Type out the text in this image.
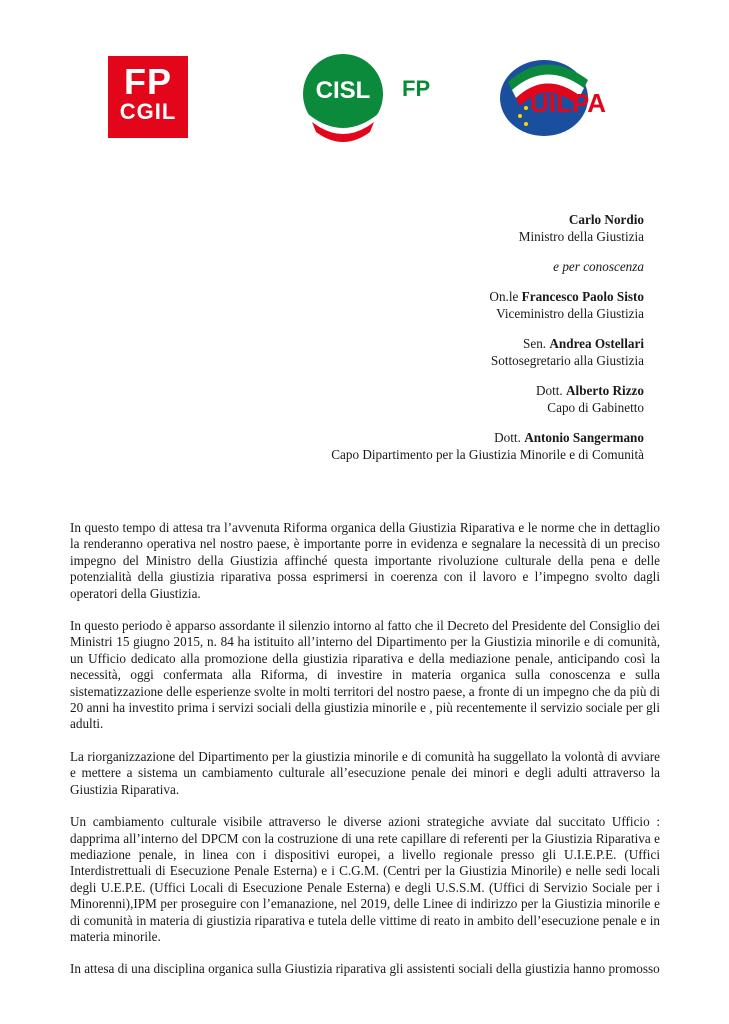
FP
CGIL
CISL FP	UILPA
Carlo Nordio
Ministro della Giustizia
e per conoscenza
On.le Francesco Paolo Sisto
Viceministro della Giustizia
Sen. Andrea Ostellari
Sottosegretario alla Giustizia
Dott. Alberto Rizzo
Capo di Gabinetto
Dott. Antonio Sangermano
Capo Dipartimento per la Giustizia Minorile e di Comunità

In questo tempo di attesa tra l’avvenuta Riforma organica della Giustizia Riparativa e le norme che in dettaglio la renderanno operativa nel nostro paese, è importante porre in evidenza e segnalare la necessità di un preciso impegno del Ministro della Giustizia affinché questa importante rivoluzione culturale della pena e delle potenzialità della giustizia riparativa possa esprimersi in coerenza con il lavoro e l’impegno svolto dagli operatori della Giustizia.

In questo periodo è apparso assordante il silenzio intorno al fatto che il Decreto del Presidente del Consiglio dei Ministri 15 giugno 2015, n. 84 ha istituito all’interno del Dipartimento per la Giustizia minorile e di comunità, un Ufficio dedicato alla promozione della giustizia riparativa e della mediazione penale, anticipando così la necessità, oggi confermata alla Riforma, di investire in materia organica sulla conoscenza e sulla sistematizzazione delle esperienze svolte in molti territori del nostro paese, a fronte di un impegno che da più di 20 anni ha investito prima i servizi sociali della giustizia minorile e , più recentemente il servizio sociale per gli adulti.

La riorganizzazione del Dipartimento per la giustizia minorile e di comunità ha suggellato la volontà di avviare e mettere a sistema un cambiamento culturale all’esecuzione penale dei minori e degli adulti attraverso la Giustizia Riparativa.

Un cambiamento culturale visibile attraverso le diverse azioni strategiche avviate dal succitato Ufficio : dapprima all’interno del DPCM con la costruzione di una rete capillare di referenti per la Giustizia Riparativa e mediazione penale, in linea con i dispositivi europei, a livello regionale presso gli U.I.E.P.E. (Uffici Interdistrettuali di Esecuzione Penale Esterna) e i C.G.M. (Centri per la Giustizia Minorile) e nelle sedi locali degli U.E.P.E. (Uffici Locali di Esecuzione Penale Esterna) e degli U.S.S.M. (Uffici di Servizio Sociale per i Minorenni),IPM per proseguire con l’emanazione, nel 2019, delle Linee di indirizzo per la Giustizia minorile e di comunità in materia di giustizia riparativa e tutela delle vittime di reato in ambito dell’esecuzione penale e in materia minorile.

In attesa di una disciplina organica sulla Giustizia riparativa gli assistenti sociali della giustizia hanno promosso
